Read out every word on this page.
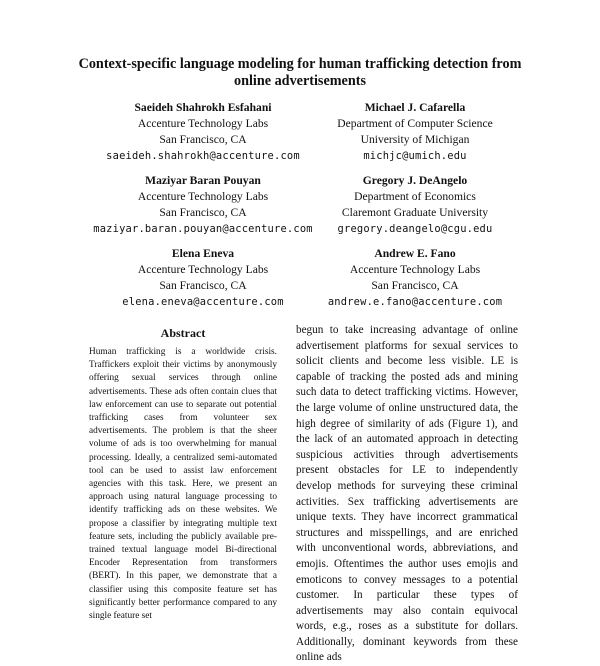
Context-specific language modeling for human trafficking detection from online advertisements
Saeideh Shahrokh Esfahani
Accenture Technology Labs
San Francisco, CA
saeideh.shahrokh@accenture.com
Michael J. Cafarella
Department of Computer Science
University of Michigan
michjc@umich.edu
Maziyar Baran Pouyan
Accenture Technology Labs
San Francisco, CA
maziyar.baran.pouyan@accenture.com
Gregory J. DeAngelo
Department of Economics
Claremont Graduate University
gregory.deangelo@cgu.edu
Elena Eneva
Accenture Technology Labs
San Francisco, CA
elena.eneva@accenture.com
Andrew E. Fano
Accenture Technology Labs
San Francisco, CA
andrew.e.fano@accenture.com
Abstract

Human trafficking is a worldwide crisis. Traffickers exploit their victims by anonymously offering sexual services through online advertisements. These ads often contain clues that law enforcement can use to separate out potential trafficking cases from volunteer sex advertisements. The problem is that the sheer volume of ads is too overwhelming for manual processing. Ideally, a centralized semi-automated tool can be used to assist law enforcement agencies with this task. Here, we present an approach using natural language processing to identify trafficking ads on these websites. We propose a classifier by integrating multiple text feature sets, including the publicly available pre-trained textual language model Bi-directional Encoder Representation from transformers (BERT). In this paper, we demonstrate that a classifier using this composite feature set has significantly better performance compared to any single feature set

begun to take increasing advantage of online advertisement platforms for sexual services to solicit clients and become less visible. LE is capable of tracking the posted ads and mining such data to detect trafficking victims. However, the large volume of online unstructured data, the high degree of similarity of ads (Figure 1), and the lack of an automated approach in detecting suspicious activities through advertisements present obstacles for LE to independently develop methods for surveying these criminal activities. Sex trafficking advertisements are unique texts. They have incorrect grammatical structures and misspellings, and are enriched with unconventional words, abbreviations, and emojis. Oftentimes the author uses emojis and emoticons to convey messages to a potential customer. In particular these types of advertisements may also contain equivocal words, e.g., roses as a substitute for dollars. Additionally, dominant keywords from these online ads
